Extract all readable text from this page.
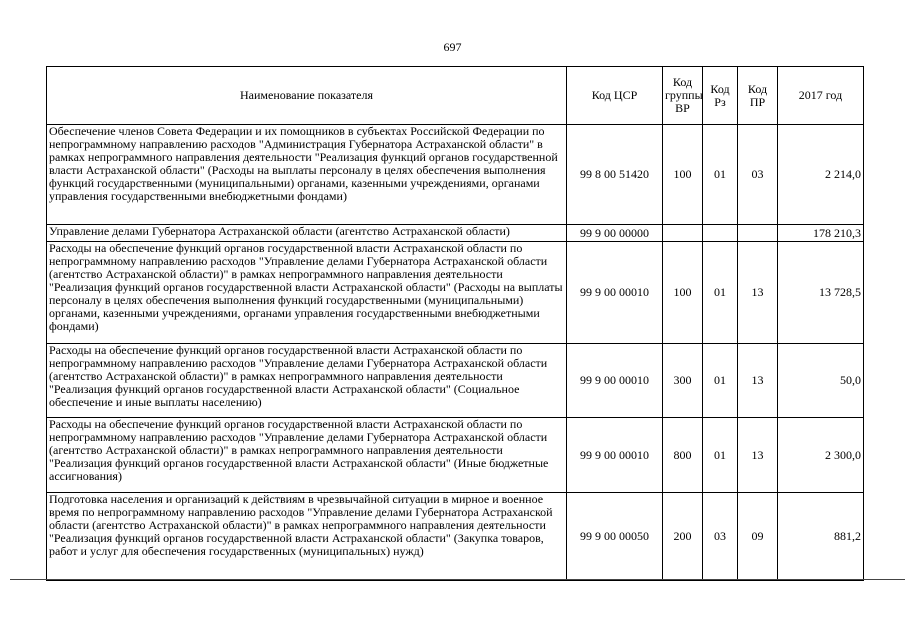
697
Наименование показателя	Код ЦСР	Код группы ВР	Код Рз	Код ПР	2017 год
Обеспечение членов Совета Федерации и их помощников в субъектах Российской Федерации по непрограммному направлению расходов "Администрация Губернатора Астраханской области" в рамках непрограммного направления деятельности "Реализация функций органов государственной власти Астраханской области" (Расходы на выплаты персоналу в целях обеспечения выполнения функций государственными (муниципальными) органами, казенными учреждениями, органами управления государственными внебюджетными фондами)	99 8 00 51420	100	01	03	2 214,0
Управление делами Губернатора Астраханской области (агентство Астраханской области)	99 9 00 00000				178 210,3
Расходы на обеспечение функций органов государственной власти Астраханской области по непрограммному направлению расходов "Управление делами Губернатора Астраханской области (агентство Астраханской области)" в рамках непрограммного направления деятельности "Реализация функций органов государственной власти Астраханской области" (Расходы на выплаты персоналу в целях обеспечения выполнения функций государственными (муниципальными) органами, казенными учреждениями, органами управления государственными внебюджетными фондами)	99 9 00 00010	100	01	13	13 728,5
Расходы на обеспечение функций органов государственной власти Астраханской области по непрограммному направлению расходов "Управление делами Губернатора Астраханской области (агентство Астраханской области)" в рамках непрограммного направления деятельности "Реализация функций органов государственной власти Астраханской области" (Социальное обеспечение и иные выплаты населению)	99 9 00 00010	300	01	13	50,0
Расходы на обеспечение функций органов государственной власти Астраханской области по непрограммному направлению расходов "Управление делами Губернатора Астраханской области (агентство Астраханской области)" в рамках непрограммного направления деятельности "Реализация функций органов государственной власти Астраханской области" (Иные бюджетные ассигнования)	99 9 00 00010	800	01	13	2 300,0
Подготовка населения и организаций к действиям в чрезвычайной ситуации в мирное и военное время по непрограммному направлению расходов "Управление делами Губернатора Астраханской области (агентство Астраханской области)" в рамках непрограммного направления деятельности "Реализация функций органов государственной власти Астраханской области" (Закупка товаров, работ и услуг для обеспечения государственных (муниципальных) нужд)	99 9 00 00050	200	03	09	881,2
